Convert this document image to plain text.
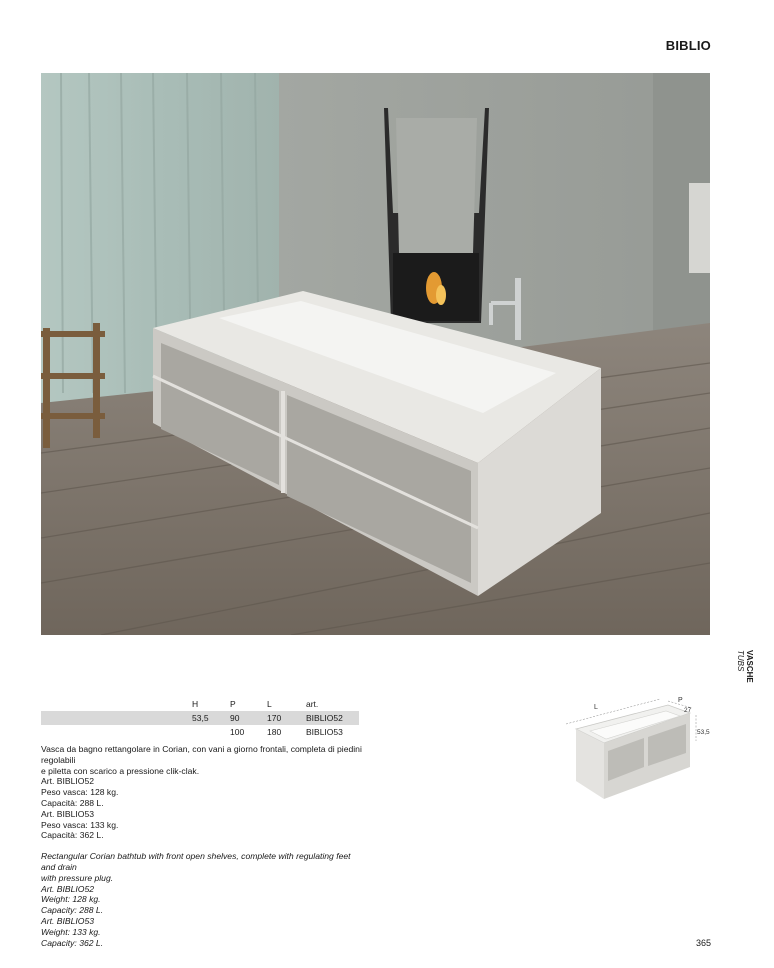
BIBLIO
VASCHE
TUBS
	H	P	L	art.
	53,5	90	170	BIBLIO52
		100	180	BIBLIO53

Vasca da bagno rettangolare in Corian, con vani a giorno frontali, completa di piedini regolabili

e piletta con scarico a pressione clik-clak.

Art. BIBLIO52

Peso vasca: 128 kg.

Capacità: 288 L.

Art. BIBLIO53

Peso vasca: 133 kg.

Capacità: 362 L.

Rectangular Corian bathtub with front open shelves, complete with regulating feet and drain

with pressure plug.

Art. BIBLIO52

Weight: 128 kg.

Capacity: 288 L.

Art. BIBLIO53

Weight: 133 kg.

Capacity: 362 L.

L
P
27
53,5
365
